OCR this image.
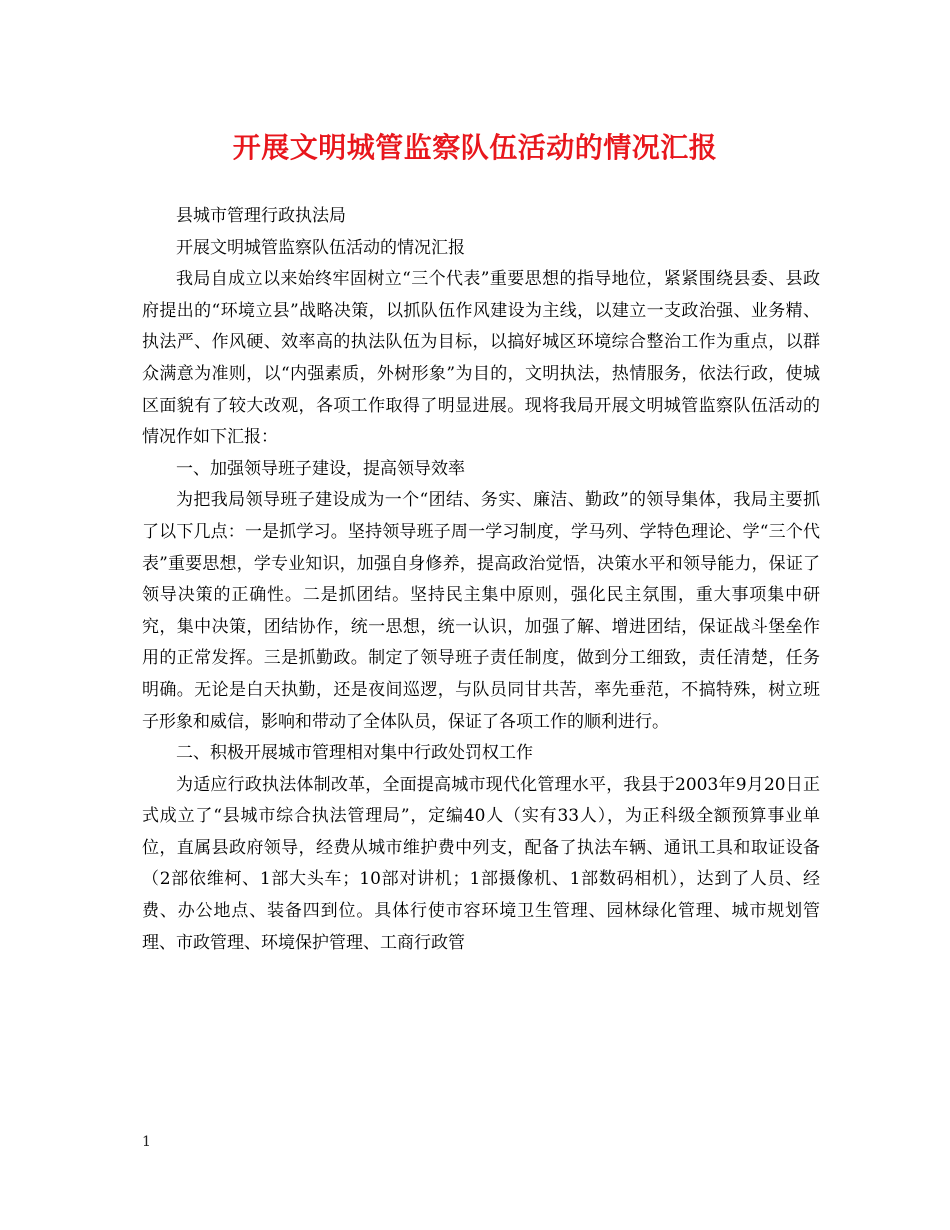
开展文明城管监察队伍活动的情况汇报

县城市管理行政执法局

开展文明城管监察队伍活动的情况汇报

我局自成立以来始终牢固树立“三个代表”重要思想的指导地位，紧紧围绕县委、县政府提出的“环境立县”战略决策，以抓队伍作风建设为主线，以建立一支政治强、业务精、执法严、作风硬、效率高的执法队伍为目标，以搞好城区环境综合整治工作为重点，以群众满意为准则，以“内强素质，外树形象”为目的，文明执法，热情服务，依法行政，使城区面貌有了较大改观，各项工作取得了明显进展。现将我局开展文明城管监察队伍活动的情况作如下汇报：

一、加强领导班子建设，提高领导效率

为把我局领导班子建设成为一个“团结、务实、廉洁、勤政”的领导集体，我局主要抓了以下几点：一是抓学习。坚持领导班子周一学习制度，学马列、学特色理论、学“三个代表”重要思想，学专业知识，加强自身修养，提高政治觉悟，决策水平和领导能力，保证了领导决策的正确性。二是抓团结。坚持民主集中原则，强化民主氛围，重大事项集中研究，集中决策，团结协作，统一思想，统一认识，加强了解、增进团结，保证战斗堡垒作用的正常发挥。三是抓勤政。制定了领导班子责任制度，做到分工细致，责任清楚，任务明确。无论是白天执勤，还是夜间巡逻，与队员同甘共苦，率先垂范，不搞特殊，树立班子形象和威信，影响和带动了全体队员，保证了各项工作的顺利进行。

二、积极开展城市管理相对集中行政处罚权工作

为适应行政执法体制改革，全面提高城市现代化管理水平，我县于2003年9月20日正式成立了“县城市综合执法管理局”，定编40人（实有33人），为正科级全额预算事业单位，直属县政府领导，经费从城市维护费中列支，配备了执法车辆、通讯工具和取证设备（2部依维柯、1部大头车；10部对讲机；1部摄像机、1部数码相机），达到了人员、经费、办公地点、装备四到位。具体行使市容环境卫生管理、园林绿化管理、城市规划管理、市政管理、环境保护管理、工商行政管

1
